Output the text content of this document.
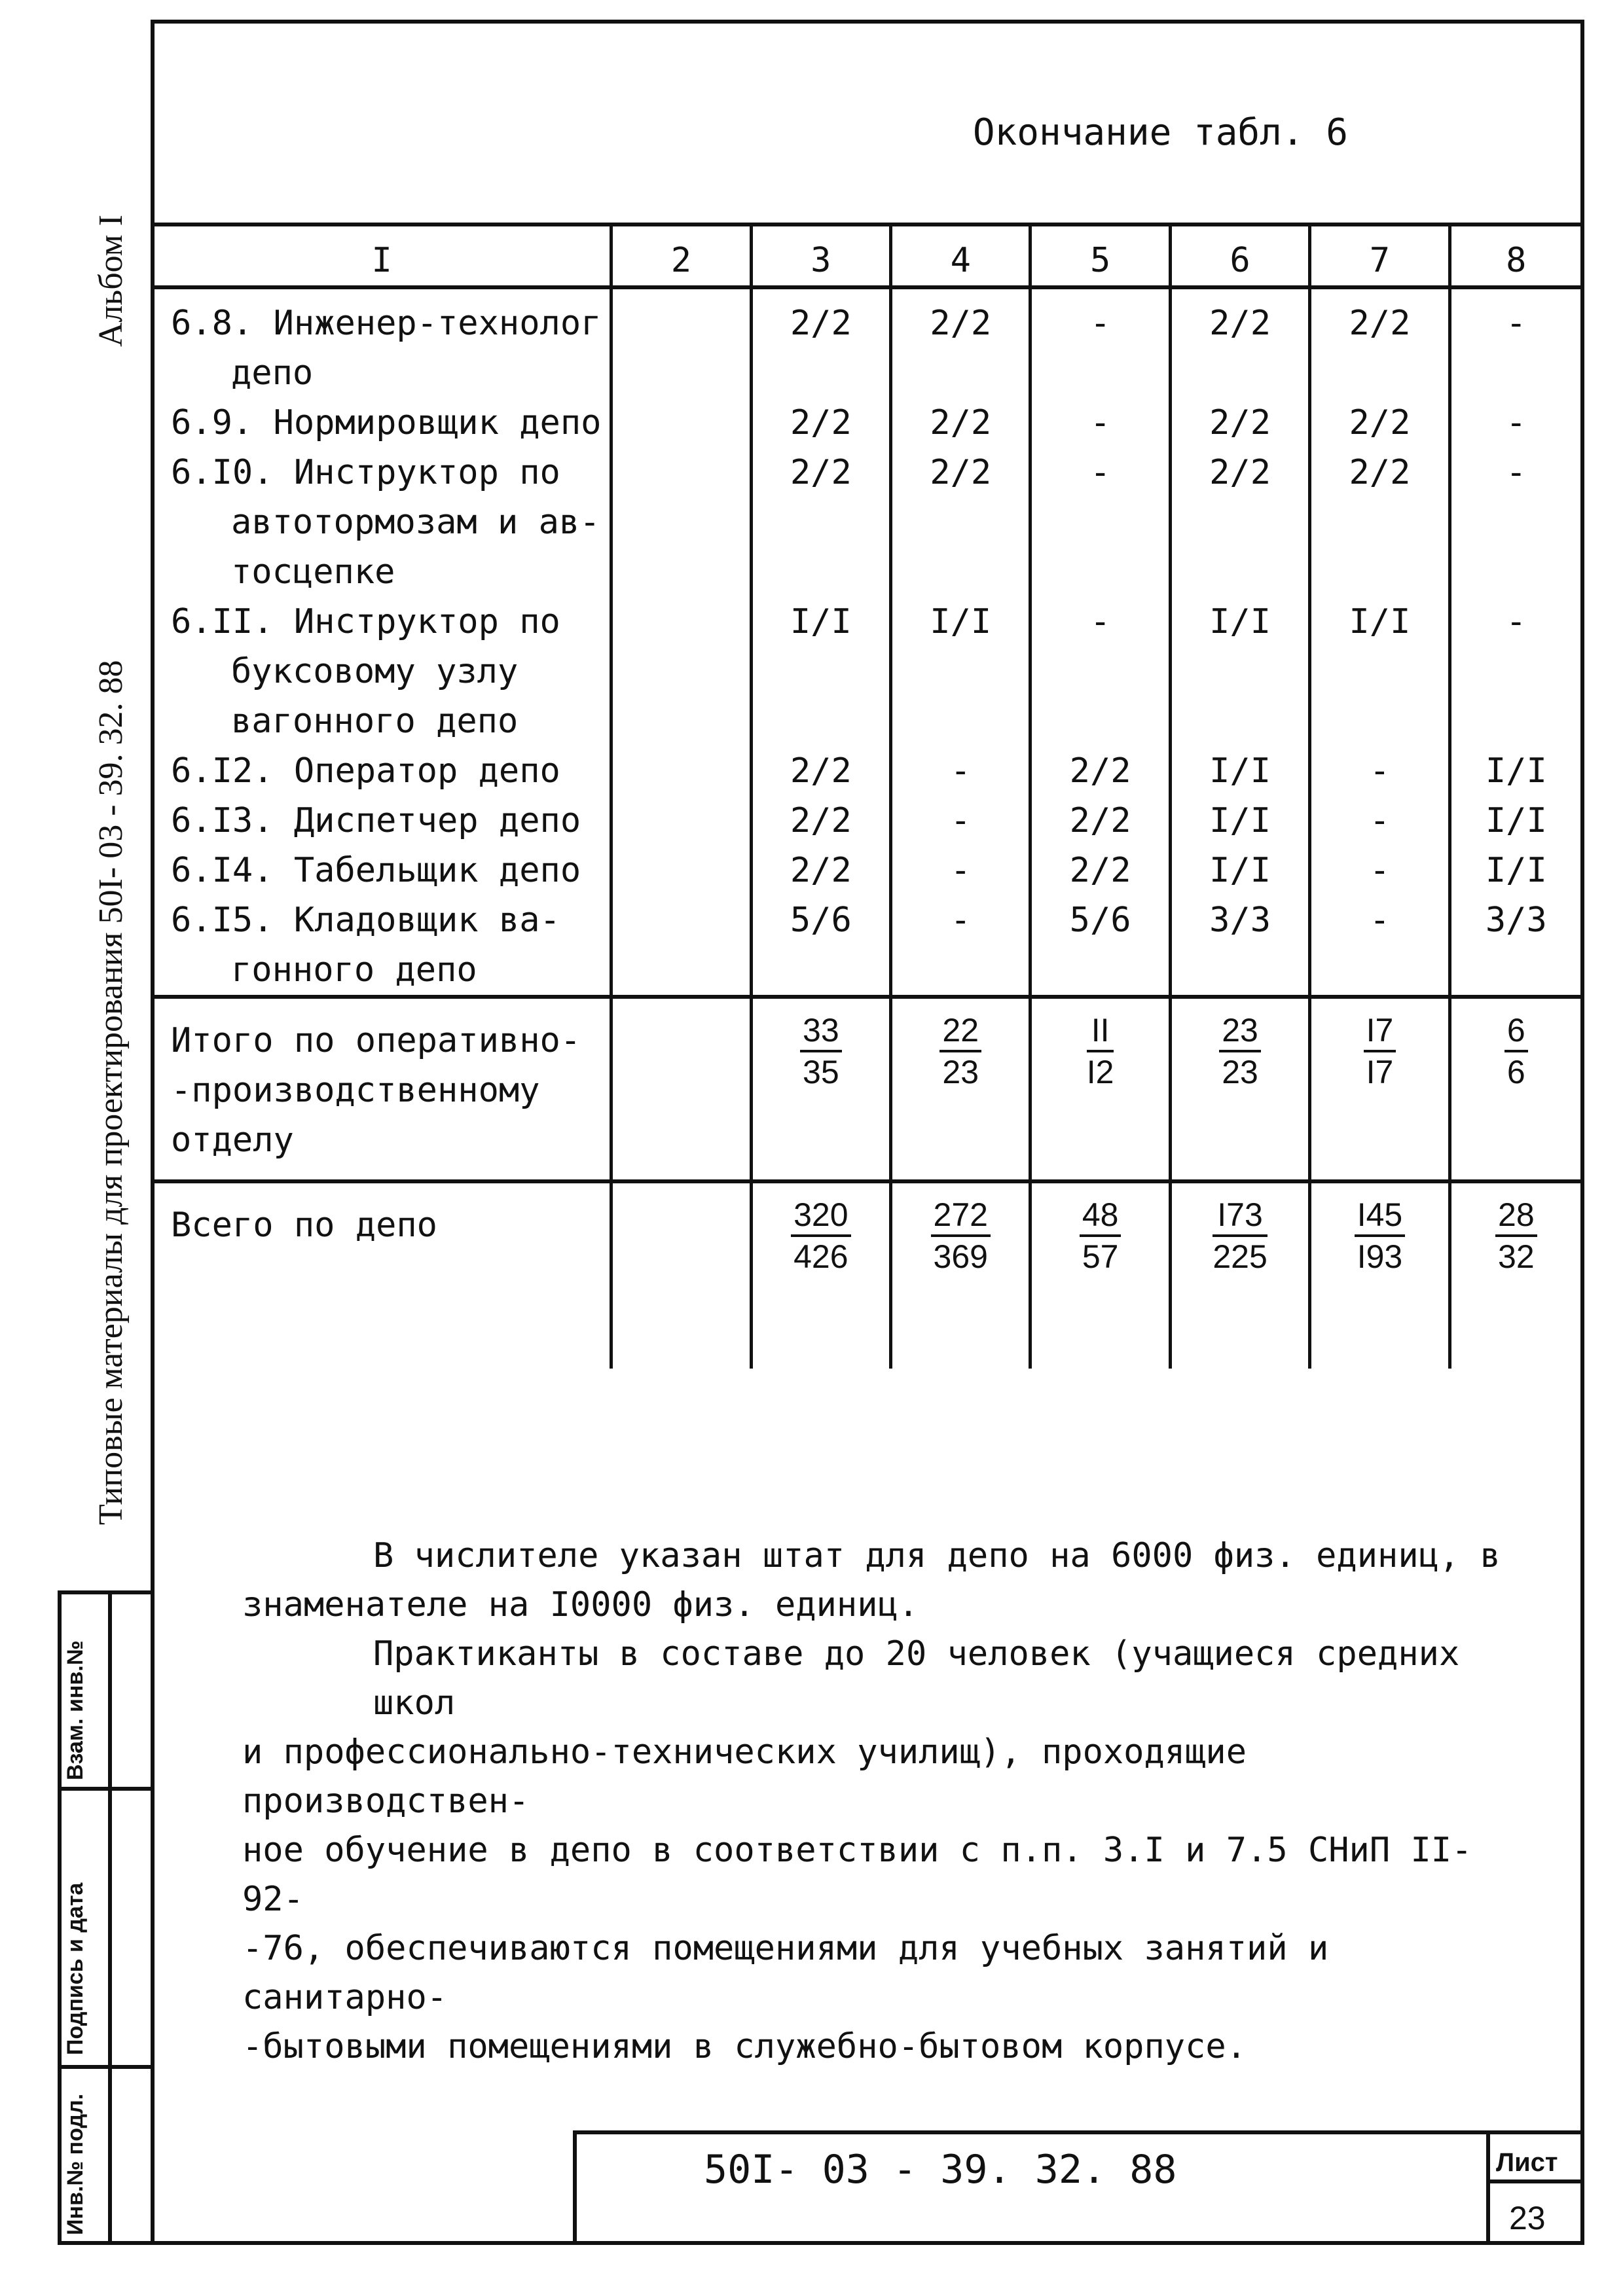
Взам. инв.№
Подпись и дата
Инв.№ подл.
Типовые материалы для проектирования 50I- 03 - 39. 32. 88
Альбом I
Окончание табл. 6
I	2	3	4	5	6	7	8

6.8. Инженер-технолог
депо		2/2	2/2	-	2/2	2/2	-

6.9. Нормировщик депо		2/2	2/2	-	2/2	2/2	-

6.I0. Инструктор по
автотормозам и ав-
тосцепке		2/2	2/2	-	2/2	2/2	-

6.II. Инструктор по
буксовому узлу
вагонного депо		I/I	I/I	-	I/I	I/I	-

6.I2. Оператор депо		2/2	-	2/2	I/I	-	I/I

6.I3. Диспетчер депо		2/2	-	2/2	I/I	-	I/I

6.I4. Табельщик депо		2/2	-	2/2	I/I	-	I/I

6.I5. Кладовщик ва-
гонного депо		5/6	-	5/6	3/3	-	3/3

Итого по оперативно-
-производственному
отделу		$\frac{33}{35}$	$\frac{22}{23}$	$\frac{II}{I2}$	$\frac{23}{23}$	$\frac{I7}{I7}$	$\frac{6}{6}$

Всего по депо		$\frac{320}{426}$	$\frac{272}{369}$	$\frac{48}{57}$	$\frac{I73}{225}$	$\frac{I45}{I93}$	$\frac{28}{32}$

В числителе указан штат для депо на 6000 физ. единиц, в

знаменателе на I0000 физ. единиц.

Практиканты в составе до 20 человек (учащиеся средних школ

и профессионально-технических училищ), проходящие производствен-

ное обучение в депо в соответствии с п.п. 3.I и 7.5 СНиП II-92-

-76, обеспечиваются помещениями для учебных занятий и санитарно-

-бытовыми помещениями в служебно-бытовом корпусе.

50I- 03 - 39. 32. 88	Лист
23
